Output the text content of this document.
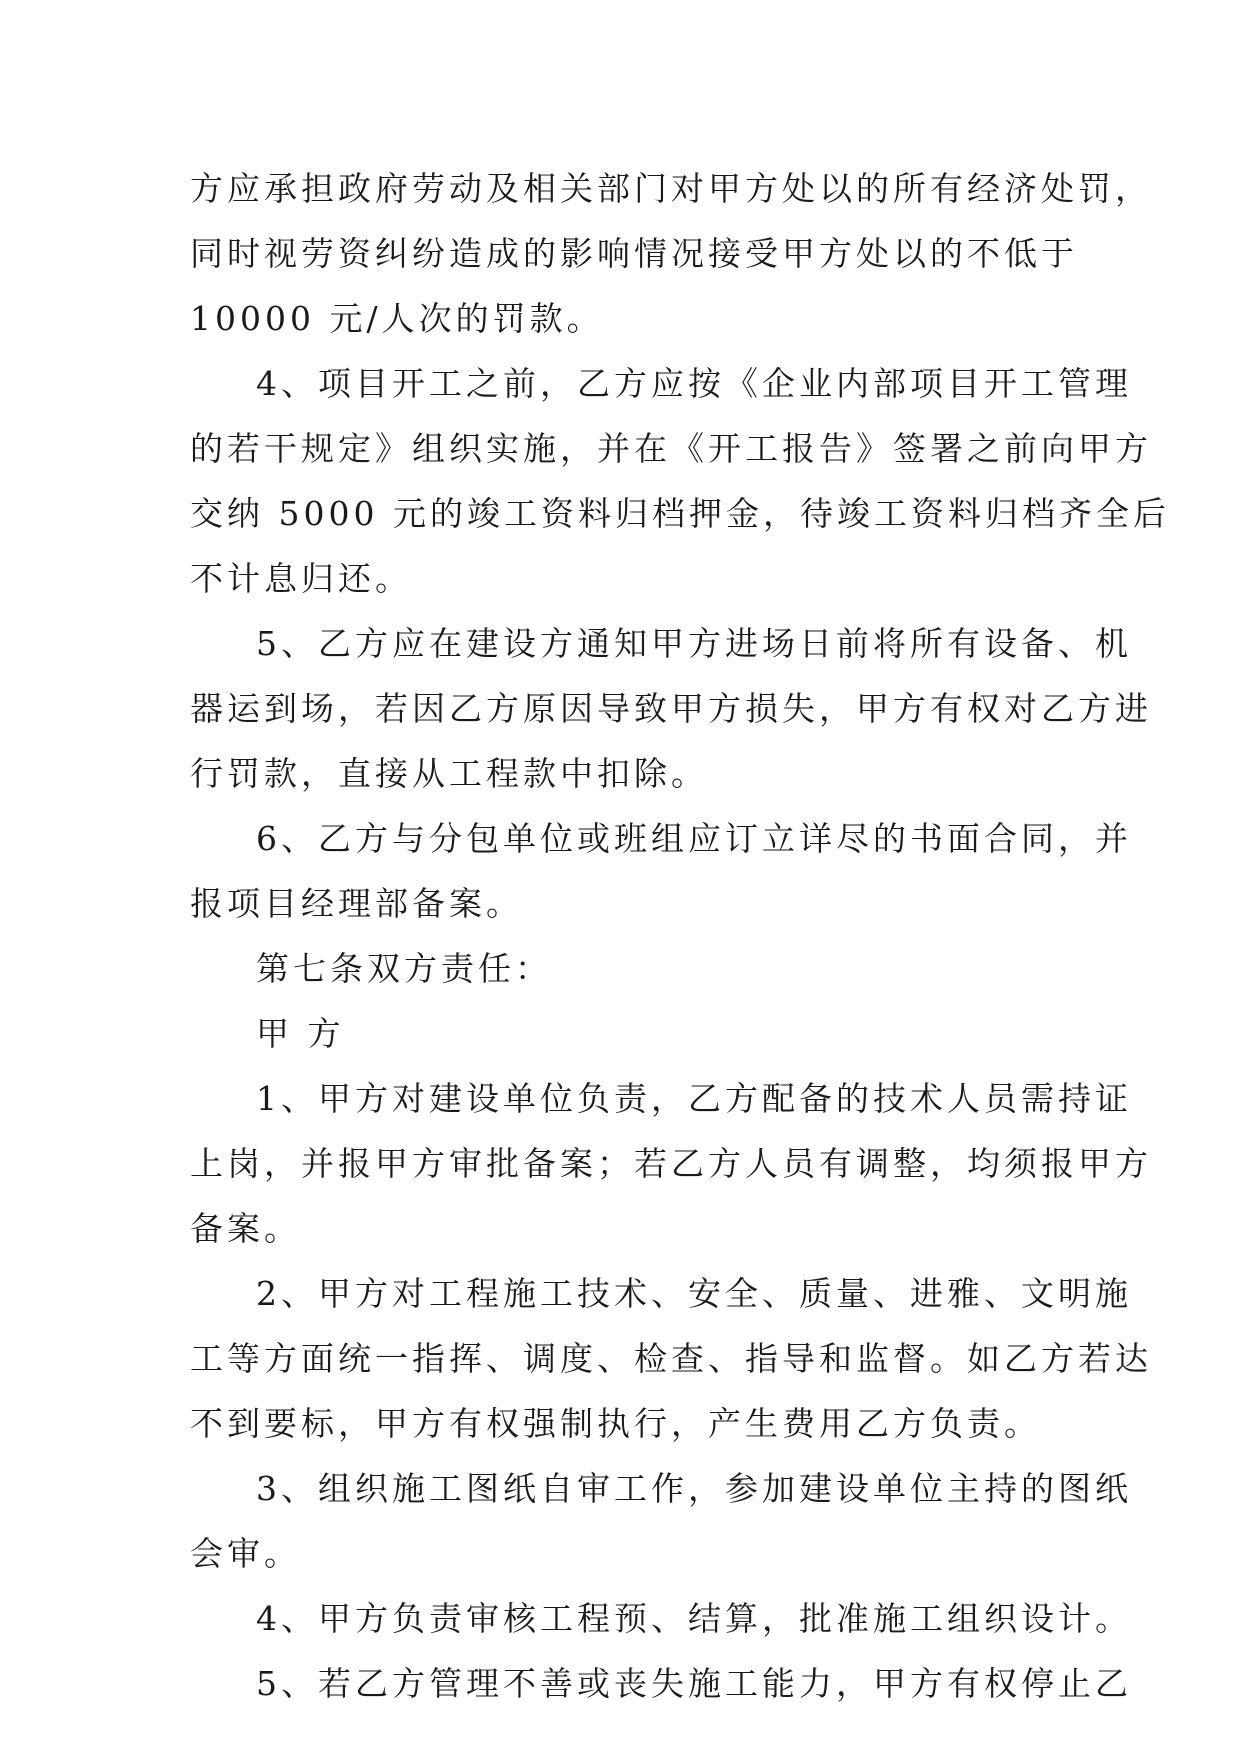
方应承担政府劳动及相关部门对甲方处以的所有经济处罚，
同时视劳资纠纷造成的影响情况接受甲方处以的不低于
10000 元/人次的罚款。
4、项目开工之前，乙方应按《企业内部项目开工管理
的若干规定》组织实施，并在《开工报告》签署之前向甲方
交纳 5000 元的竣工资料归档押金，待竣工资料归档齐全后
不计息归还。
5、乙方应在建设方通知甲方进场日前将所有设备、机
器运到场，若因乙方原因导致甲方损失，甲方有权对乙方进
行罚款，直接从工程款中扣除。
6、乙方与分包单位或班组应订立详尽的书面合同，并
报项目经理部备案。
第七条双方责任：
甲 方
1、甲方对建设单位负责，乙方配备的技术人员需持证
上岗，并报甲方审批备案；若乙方人员有调整，均须报甲方
备案。
2、甲方对工程施工技术、安全、质量、进雅、文明施
工等方面统一指挥、调度、检查、指导和监督。如乙方若达
不到要标，甲方有权强制执行，产生费用乙方负责。
3、组织施工图纸自审工作，参加建设单位主持的图纸
会审。
4、甲方负责审核工程预、结算，批准施工组织设计。
5、若乙方管理不善或丧失施工能力，甲方有权停止乙
